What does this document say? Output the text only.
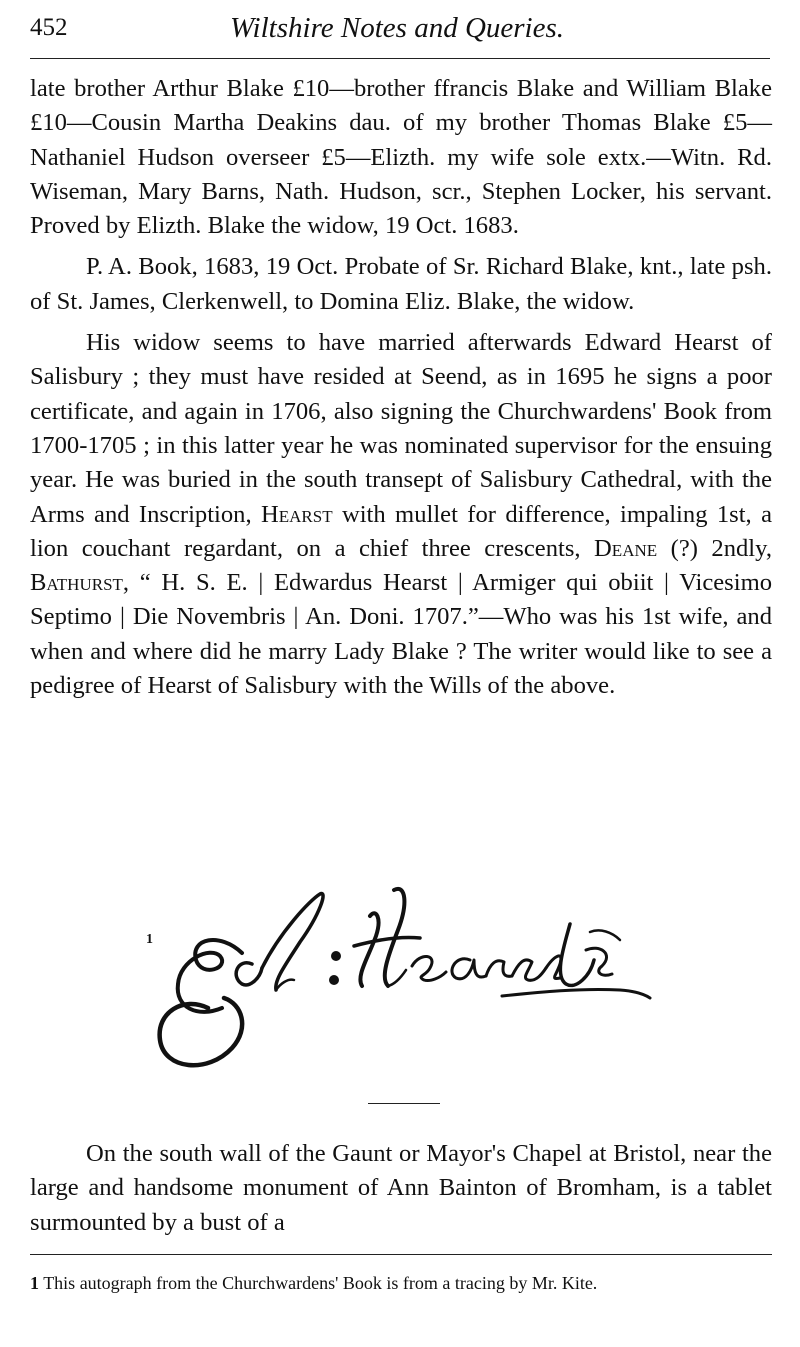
452	Wiltshire Notes and Queries.

late brother Arthur Blake £10—brother ffrancis Blake and William Blake £10—Cousin Martha Deakins dau. of my brother Thomas Blake £5—Nathaniel Hudson overseer £5—Elizth. my wife sole extx.—Witn. Rd. Wiseman, Mary Barns, Nath. Hudson, scr., Stephen Locker, his servant. Proved by Elizth. Blake the widow, 19 Oct. 1683.

P. A. Book, 1683, 19 Oct. Probate of Sr. Richard Blake, knt., late psh. of St. James, Clerkenwell, to Domina Eliz. Blake, the widow.

His widow seems to have married afterwards Edward Hearst of Salisbury ; they must have resided at Seend, as in 1695 he signs a poor certificate, and again in 1706, also signing the Churchwardens' Book from 1700-1705 ; in this latter year he was nominated supervisor for the ensuing year. He was buried in the south transept of Salisbury Cathedral, with the Arms and Inscription, Hearst with mullet for difference, impaling 1st, a lion couchant regardant, on a chief three crescents, Deane (?) 2ndly, Bathurst, “ H. S. E. | Edwardus Hearst | Armiger qui obiit | Vicesimo Septimo | Die Novembris | An. Doni. 1707.”—Who was his 1st wife, and when and where did he marry Lady Blake ? The writer would like to see a pedigree of Hearst of Salisbury with the Wills of the above.

1

On the south wall of the Gaunt or Mayor's Chapel at Bristol, near the large and handsome monument of Ann Bainton of Bromham, is a tablet surmounted by a bust of a

1 This autograph from the Churchwardens' Book is from a tracing by Mr. Kite.
